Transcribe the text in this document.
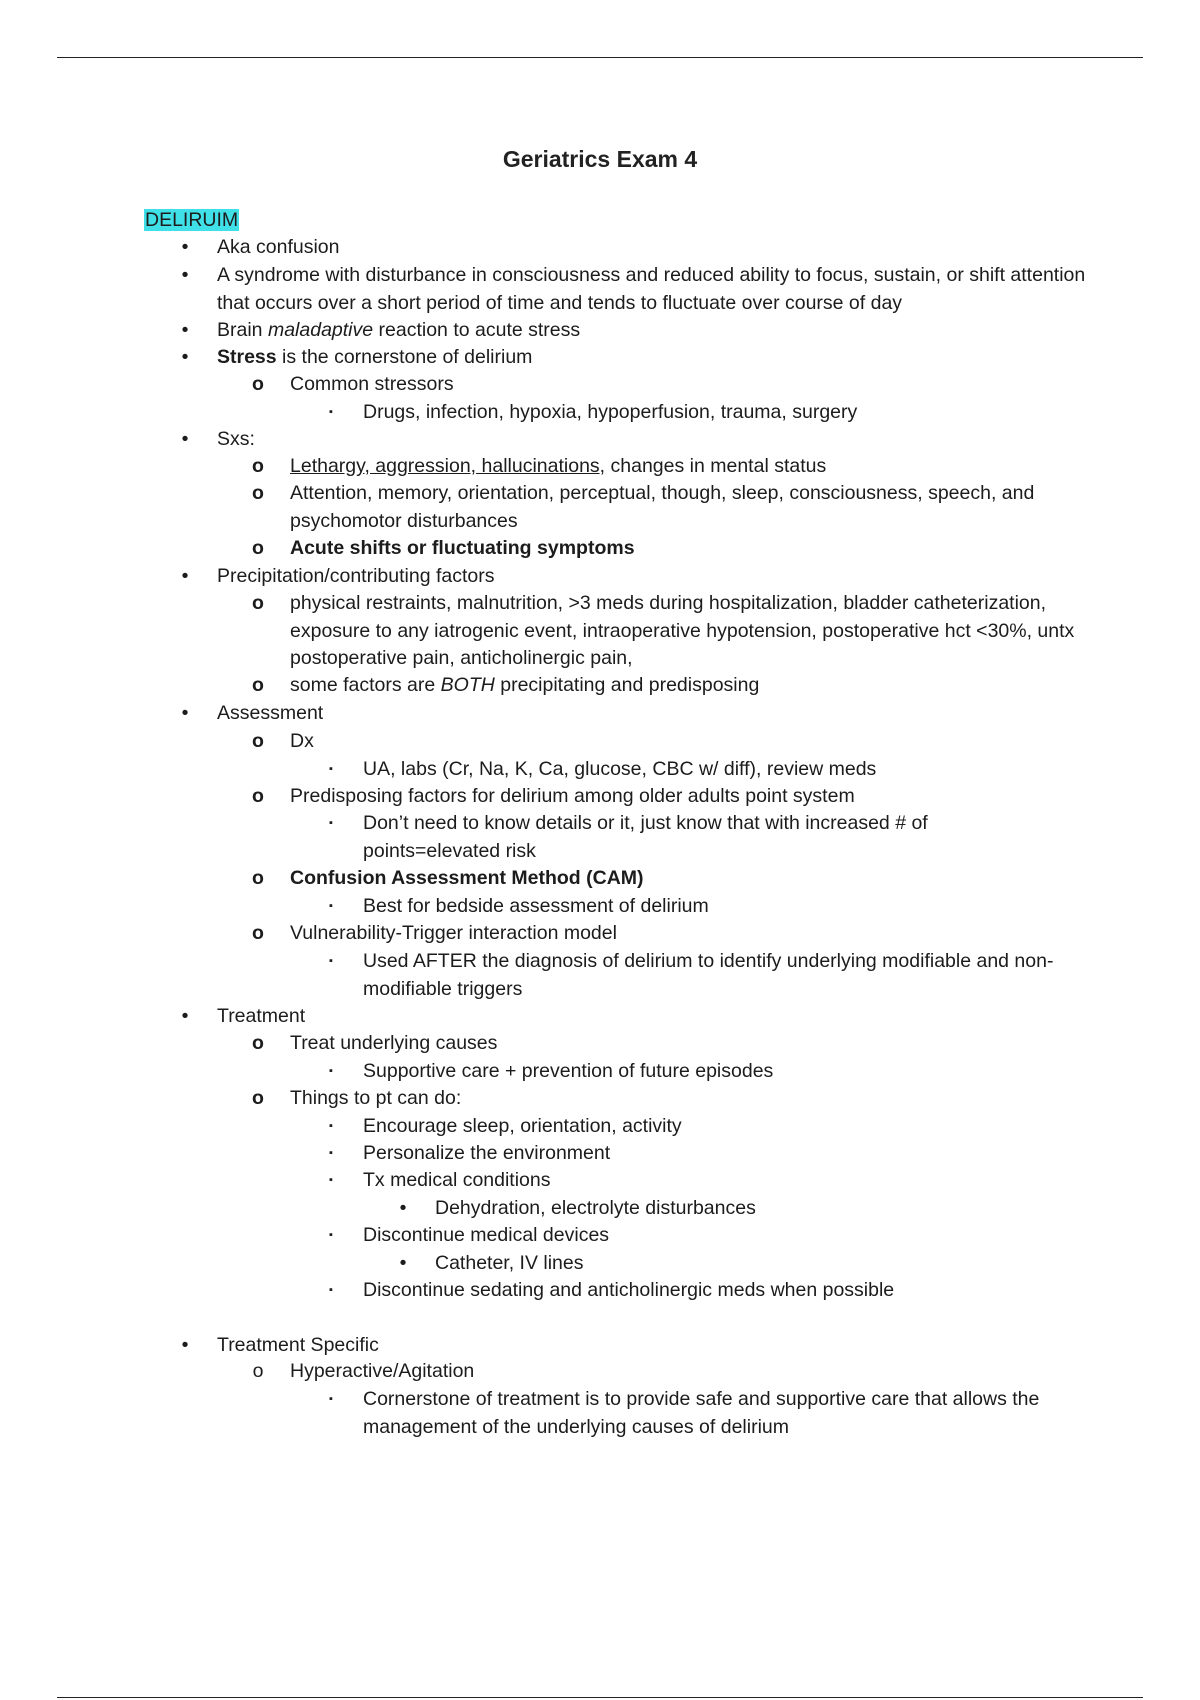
Geriatrics Exam 4
DELIRUIM
•	Aka confusion
•	A syndrome with disturbance in consciousness and reduced ability to focus, sustain, or shift attention that occurs over a short period of time and tends to fluctuate over course of day
•	Brain maladaptive reaction to acute stress
•	Stress is the cornerstone of delirium
o Common stressors
▪	Drugs, infection, hypoxia, hypoperfusion, trauma, surgery
•	Sxs:
o Lethargy, aggression, hallucinations, changes in mental status
o Attention, memory, orientation, perceptual, though, sleep, consciousness, speech, and psychomotor disturbances
o Acute shifts or fluctuating symptoms
•	Precipitation/contributing factors
o physical restraints, malnutrition, >3 meds during hospitalization, bladder catheterization, exposure to any iatrogenic event, intraoperative hypotension, postoperative hct <30%, untx postoperative pain, anticholinergic pain,
o some factors are BOTH precipitating and predisposing
•	Assessment
o Dx
▪	UA, labs (Cr, Na, K, Ca, glucose, CBC w/ diff), review meds
o Predisposing factors for delirium among older adults point system
▪	Don’t need to know details or it, just know that with increased # of points=elevated risk
o Confusion Assessment Method (CAM)
▪	Best for bedside assessment of delirium
o Vulnerability-Trigger interaction model
▪	Used AFTER the diagnosis of delirium to identify underlying modifiable and non-modifiable triggers
•	Treatment
o Treat underlying causes
▪	Supportive care + prevention of future episodes
o Things to pt can do:
▪	Encourage sleep, orientation, activity
▪	Personalize the environment
▪	Tx medical conditions
•	Dehydration, electrolyte disturbances
▪	Discontinue medical devices
•	Catheter, IV lines
▪	Discontinue sedating and anticholinergic meds when possible
•	Treatment Specific
o Hyperactive/Agitation
▪	Cornerstone of treatment is to provide safe and supportive care that allows the management of the underlying causes of delirium
